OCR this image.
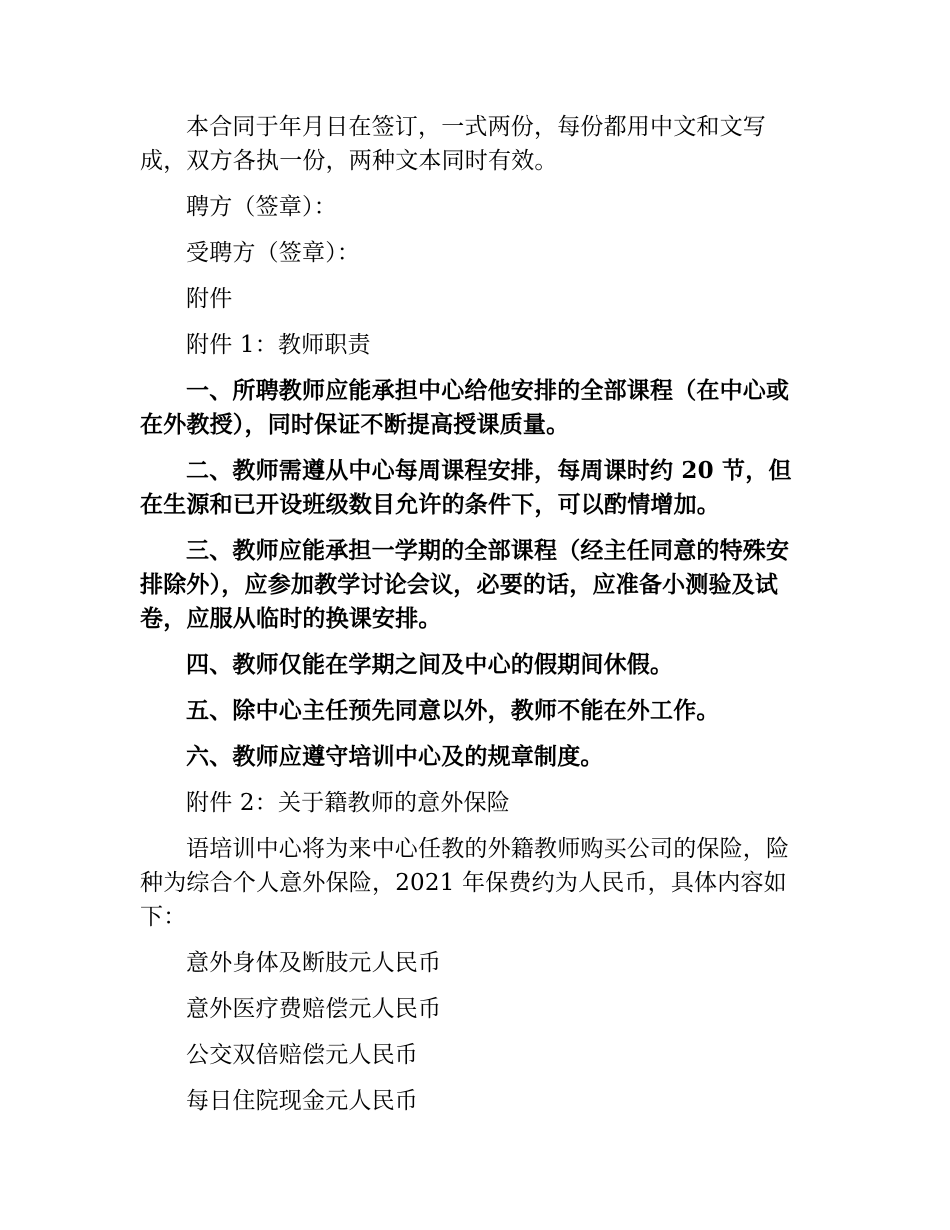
本合同于年月日在签订，一式两份，每份都用中文和文写成，双方各执一份，两种文本同时有效。

聘方（签章）：

受聘方（签章）：

附件

附件 1：教师职责

一、所聘教师应能承担中心给他安排的全部课程（在中心或在外教授），同时保证不断提高授课质量。

二、教师需遵从中心每周课程安排，每周课时约 20 节，但在生源和已开设班级数目允许的条件下，可以酌情增加。

三、教师应能承担一学期的全部课程（经主任同意的特殊安排除外），应参加教学讨论会议，必要的话，应准备小测验及试卷，应服从临时的换课安排。

四、教师仅能在学期之间及中心的假期间休假。

五、除中心主任预先同意以外，教师不能在外工作。

六、教师应遵守培训中心及的规章制度。

附件 2：关于籍教师的意外保险

语培训中心将为来中心任教的外籍教师购买公司的保险，险种为综合个人意外保险，2021 年保费约为人民币，具体内容如下：

意外身体及断肢元人民币

意外医疗费赔偿元人民币

公交双倍赔偿元人民币

每日住院现金元人民币
